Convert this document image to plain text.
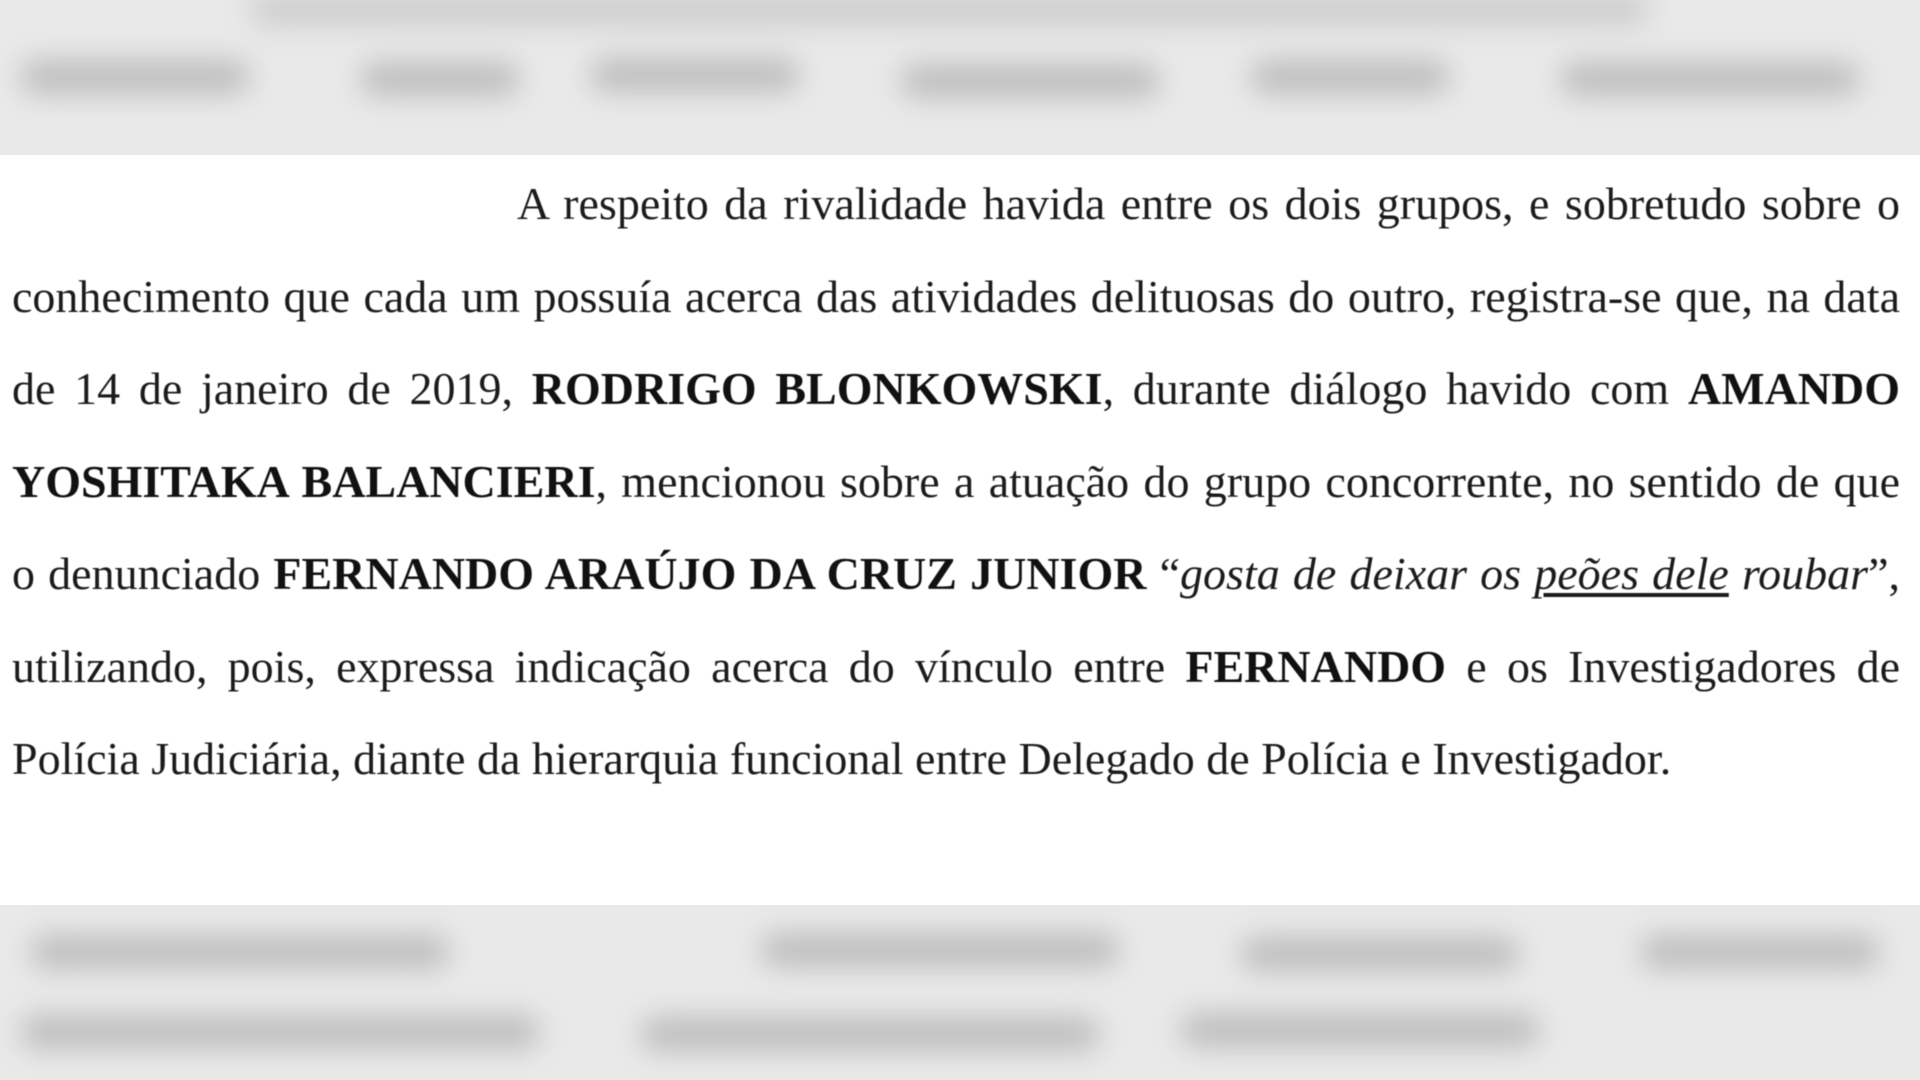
A respeito da rivalidade havida entre os dois grupos, e sobretudo sobre o conhecimento que cada um possuía acerca das atividades delituosas do outro, registra-se que, na data de 14 de janeiro de 2019, RODRIGO BLONKOWSKI, durante diálogo havido com AMANDO YOSHITAKA BALANCIERI, mencionou sobre a atuação do grupo concorrente, no sentido de que o denunciado FERNANDO ARAÚJO DA CRUZ JUNIOR “gosta de deixar os peões dele roubar”, utilizando, pois, expressa indicação acerca do vínculo entre FERNANDO e os Investigadores de Polícia Judiciária, diante da hierarquia funcional entre Delegado de Polícia e Investigador.
